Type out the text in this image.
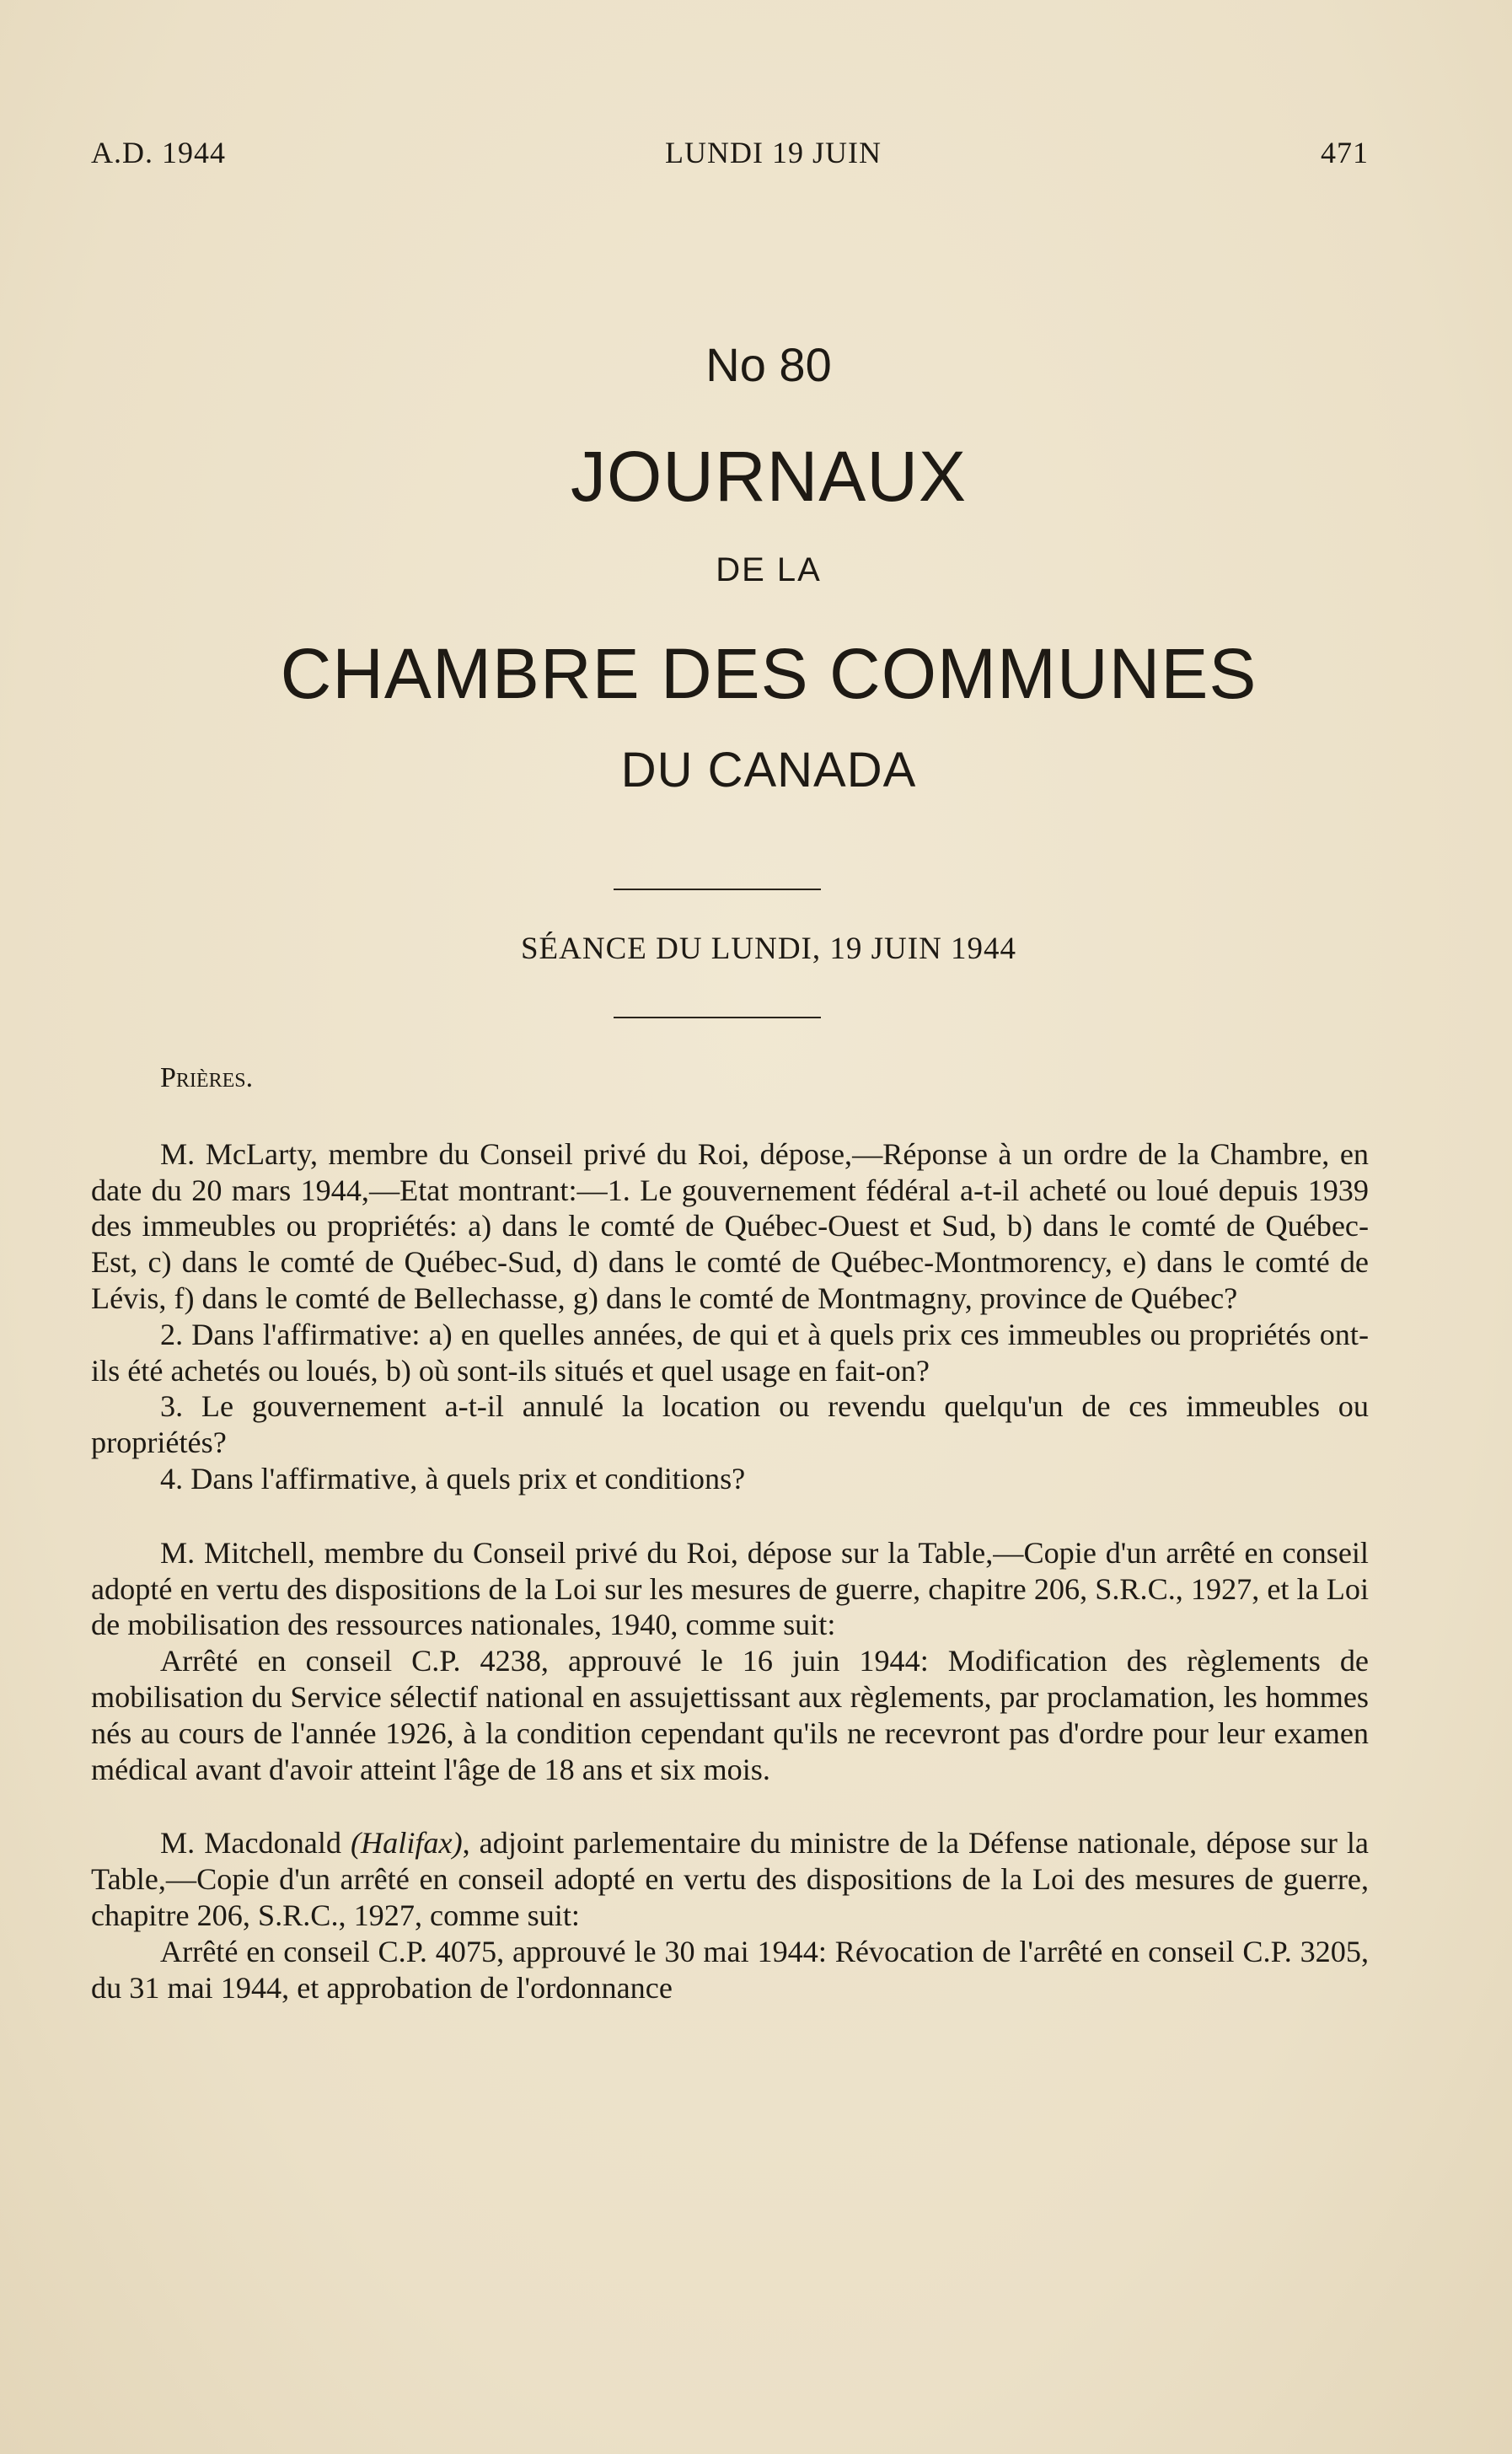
A.D. 1944	LUNDI 19 JUIN	471
No 80
JOURNAUX
DE LA
CHAMBRE DES COMMUNES
DU CANADA
SÉANCE DU LUNDI, 19 JUIN 1944
Prières.

M. McLarty, membre du Conseil privé du Roi, dépose,—Réponse à un ordre de la Chambre, en date du 20 mars 1944,—Etat montrant:—1. Le gouvernement fédéral a-t-il acheté ou loué depuis 1939 des immeubles ou propriétés: a) dans le comté de Québec-Ouest et Sud, b) dans le comté de Québec-Est, c) dans le comté de Québec-Sud, d) dans le comté de Québec-Montmorency, e) dans le comté de Lévis, f) dans le comté de Bellechasse, g) dans le comté de Montmagny, province de Québec?

2. Dans l'affirmative: a) en quelles années, de qui et à quels prix ces immeubles ou propriétés ont-ils été achetés ou loués, b) où sont-ils situés et quel usage en fait-on?

3. Le gouvernement a-t-il annulé la location ou revendu quelqu'un de ces immeubles ou propriétés?

4. Dans l'affirmative, à quels prix et conditions?

M. Mitchell, membre du Conseil privé du Roi, dépose sur la Table,—Copie d'un arrêté en conseil adopté en vertu des dispositions de la Loi sur les mesures de guerre, chapitre 206, S.R.C., 1927, et la Loi de mobilisation des ressources nationales, 1940, comme suit:

Arrêté en conseil C.P. 4238, approuvé le 16 juin 1944: Modification des règlements de mobilisation du Service sélectif national en assujettissant aux règlements, par proclamation, les hommes nés au cours de l'année 1926, à la condition cependant qu'ils ne recevront pas d'ordre pour leur examen médical avant d'avoir atteint l'âge de 18 ans et six mois.

M. Macdonald (Halifax), adjoint parlementaire du ministre de la Défense nationale, dépose sur la Table,—Copie d'un arrêté en conseil adopté en vertu des dispositions de la Loi des mesures de guerre, chapitre 206, S.R.C., 1927, comme suit:

Arrêté en conseil C.P. 4075, approuvé le 30 mai 1944: Révocation de l'arrêté en conseil C.P. 3205, du 31 mai 1944, et approbation de l'ordonnance
